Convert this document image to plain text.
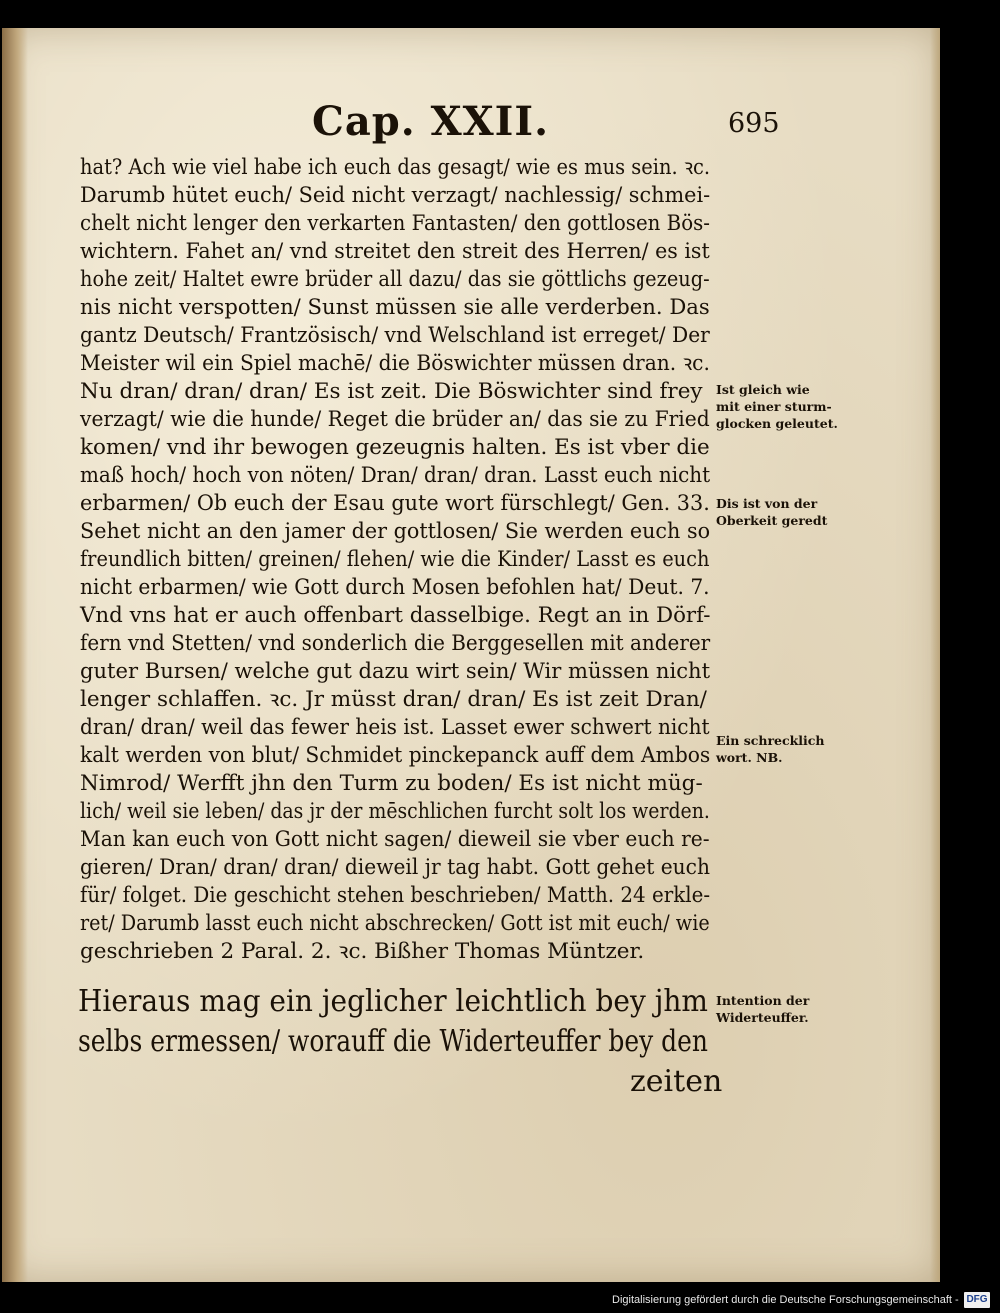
Cap. XXII.	695
hat? Ach wie viel habe ich euch das gesagt/ wie es mus sein. ꝛc.
Darumb hütet euch/ Seid nicht verzagt/ nachlessig/ schmei-
chelt nicht lenger den verkarten Fantasten/ den gottlosen Bös-
wichtern. Fahet an/ vnd streitet den streit des Herren/ es ist
hohe zeit/ Haltet ewre brüder all dazu/ das sie göttlichs gezeug-
nis nicht verspotten/ Sunst müssen sie alle verderben. Das
gantz Deutsch/ Frantzösisch/ vnd Welschland ist erreget/ Der
Meister wil ein Spiel machē/ die Böswichter müssen dran. ꝛc.
Nu dran/ dran/ dran/ Es ist zeit. Die Böswichter sind frey
verzagt/ wie die hunde/ Reget die brüder an/ das sie zu Fried
komen/ vnd ihr bewogen gezeugnis halten. Es ist vber die
maß hoch/ hoch von nöten/ Dran/ dran/ dran. Lasst euch nicht
erbarmen/ Ob euch der Esau gute wort fürschlegt/ Gen. 33.
Sehet nicht an den jamer der gottlosen/ Sie werden euch so
freundlich bitten/ greinen/ flehen/ wie die Kinder/ Lasst es euch
nicht erbarmen/ wie Gott durch Mosen befohlen hat/ Deut. 7.
Vnd vns hat er auch offenbart dasselbige. Regt an in Dörf-
fern vnd Stetten/ vnd sonderlich die Berggesellen mit anderer
guter Bursen/ welche gut dazu wirt sein/ Wir müssen nicht
lenger schlaffen. ꝛc. Jr müsst dran/ dran/ Es ist zeit Dran/
dran/ dran/ weil das fewer heis ist. Lasset ewer schwert nicht
kalt werden von blut/ Schmidet pinckepanck auff dem Ambos
Nimrod/ Werfft jhn den Turm zu boden/ Es ist nicht müg-
lich/ weil sie leben/ das jr der mēschlichen furcht solt los werden.
Man kan euch von Gott nicht sagen/ dieweil sie vber euch re-
gieren/ Dran/ dran/ dran/ dieweil jr tag habt. Gott gehet euch
für/ folget. Die geschicht stehen beschrieben/ Matth. 24 erkle-
ret/ Darumb lasst euch nicht abschrecken/ Gott ist mit euch/ wie
geschrieben 2 Paral. 2. ꝛc. Bißher Thomas Müntzer.
Hieraus mag ein jeglicher leichtlich bey jhm
selbs ermessen/ worauff die Widerteuffer bey den
zeiten
Ist gleich wie
mit einer sturm-
glocken geleutet.
Dis ist von der
Oberkeit geredt
Ein schrecklich
wort. NB.
Intention der
Widerteuffer.
Digitalisierung gefördert durch die Deutsche Forschungsgemeinschaft - DFG
